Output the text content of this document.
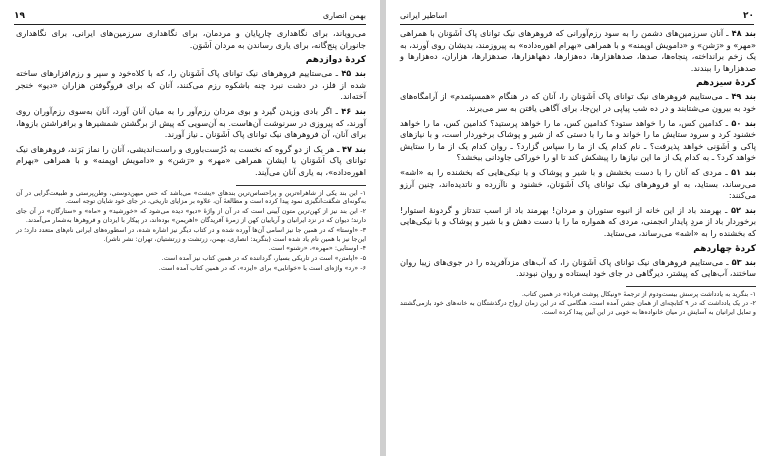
۱۹	بهمن انصاری

می‌رویاند، برای نگاهداری چارپایان و مردمان، برای نگاهداری سرزمین‌های ایرانی، برای نگاهداری جانوران پنج‌گانه، برای یاری رساندن به مردان اَشَوَن.

کردهٔ دوازدهم

بند ۴۵ ـ می‌ستاییم فروهرهای نیک توانای پاک اَشَوَنان را، که با کلاه‌خود و سپر و رزم‌افزارهای ساخته شده از فلز، در دشت نبرد چنه باشکوه رزم می‌کنند، آنان که برای فروگوفتن هزاران «دیو» خنجر آخته‌اند.

بند ۴۶ ـ اگر بادی وزیدن گیرد و بوی مردان رزم‌آور را به میان آنان آورد، آنان به‌سوی رزم‌آوران روی آورند، که پیروزی در سرنوشت آن‌هاست. به آن‌سویی که پیش از برگشتن شمشیرها و برافراشتن بازوها، برای آنان، آن فروهرهای نیک توانای پاک اَشَوَنان ـ نیاز آورند.

بند ۴۷ ـ هر یک از دو گروه که نخست به دُرُست‌باوری و راست‌اندیشی، آنان را نماز بَرَند، فروهرهای نیک توانای پاک اَشَوَنان با ایشان همراهی «مهر» و «رَشن» و «دامویش اوپمنه» و با همراهی «بهرام اهوره‌داده»، به یاری آنان می‌آیند.

۱- این بند یکی از شاهراه‌ترین و پراحساس‌ترین بندهای «یشت» می‌باشد که حس میهن‌دوستی، وطن‌پرستی و طبیعت‌گرایی در آن به‌گونه‌ای شگفت‌انگیزی نمود پیدا کرده است و مطالعهٔ آن، علاوه بر مزایای تاریخی، در جای خود شایان توجه است.

۲- این بند نیز از کهن‌ترین متون آیینی است که در آن از واژهٔ «دیو» دیده می‌شود که «خورشید» و «ماه» و «ستارگان» در آن جای دارند؛ دیوان که در نزد ایرانیان و آریاییان کهن از زمرهٔ آفریدگان «اهریمن» بوده‌اند، در پیکار با ایزدان و فروهرها به‌شمار می‌آمدند.

۳- «اوستا» که در همین جا نیز اسامی آن‌ها آورده شده و در کتاب دیگر نیز اشاره شده، در اسطوره‌های ایرانی نام‌های متعدد دارد؛ در این‌جا نیز با همین نام یاد شده است (بنگرید: انصاری، بهمن، زرتشت و زرتشتیان، تهران: نشر ناشر).

۴- اوستایی: «مهره»، «رشنو» است.

۵- «اپامتن» است در تاریکی بسیار، گرداننده که در همین کتاب نیز آمده است.

۶- «رد» واژه‌ای است با «خوانایی» برای «ایزد»، که در همین کتاب آمده است.

اساطیر ایرانی	۲۰

بند ۴۸ ـ آنان سرزمین‌های دشمن را به سود رزم‌آورانی که فروهرهای نیک توانای پاک اَشَوَنان با همراهی «مهر» و «رَشن» و «دامویش اوپمنه» و با همراهی «بهرام اهوره‌داده» به پیروزمند، بدیشان روی آورند، به یک زخم برانداخته، پنجاه‌ها، صدها، صدهاهزارها، ده‌هزارها، دهها‌هزارها، صدهزارها، هزاران، ده‌هزارها و صدهزارها را ببندند.

کردهٔ سیزدهم

بند ۴۹ ـ می‌ستاییم فروهرهای نیک توانای پاک اَشَوَنان را، آنان که در هنگام «همسپثمدم» از آرامگاه‌های خود به بیرون می‌شتابند و در ده شب پیاپی در این‌جا، برای آگاهی یافتن به سر می‌برند.

بند ۵۰ ـ کدامین کس، ما را خواهد ستود؟ کدامین کس، ما را خواهد پرستید؟ کدامین کس، ما را خواهد خشنود کرد و سرود ستایش ما را خواند و ما را با دستی که از شیر و پوشاک برخوردار است، و با نیازهای پاکی و اَشَوَنی خواهد پذیرفت؟ ـ نام کدام یک از ما را سپاس گزارد؟ ـ روان کدام یک از ما را ستایش خواهد کرد؟ ـ به کدام یک از ما این نیازها را پیشکش کند تا او را خوراکی جاودانی ببخشد؟

بند ۵۱ ـ مردی که آنان را با دست بخشش و با شیر و پوشاک و با نیکی‌هایی که بخشنده را به «اشه» می‌رساند، بستاید، به او فروهرهای نیک توانای پاک اَشَوَنان، خشنود و ناآزرده و ناتدیده‌اند، چنین آرزو می‌کنند:

بند ۵۲ ـ بهرمند باد از این خانه از انبوه ستوران و مردان! بهرمند باد از اسب تندتاز و گردونهٔ استوار! برخوردار باد از مردِ پایدار انجمنی، مردی که همواره ما را با دست دهش و با شیر و پوشاک و با نیکی‌هایی که بخشنده را به «اشه» می‌رساند، می‌ستاید.

کردهٔ چهاردهم

بند ۵۳ ـ می‌ستاییم فروهرهای نیک توانای پاک اَشَوَنان را، که آب‌های مزدآفریده را در جوی‌های زیبا روان ساختند، آب‌هایی که پیشتر، دیرگاهی در جای خود ایستاده و روان نبودند.

۱- بنگرید به یادداشت پرسش بیست‌ودوم از ترجمهٔ «ونیکال پوشت فرباذ» در همین کتاب.

۲- در یک یادداشت که در ۹ کتابچه‌ای از همان جشن آمده است، هنگامی که در این زمان ارواح درگذشتگان به خانه‌های خود بازمی‌گشتند و تمایل ایرانیان به آسایش در میان خانواده‌ها به خوبی در این آیین پیدا کرده است.
